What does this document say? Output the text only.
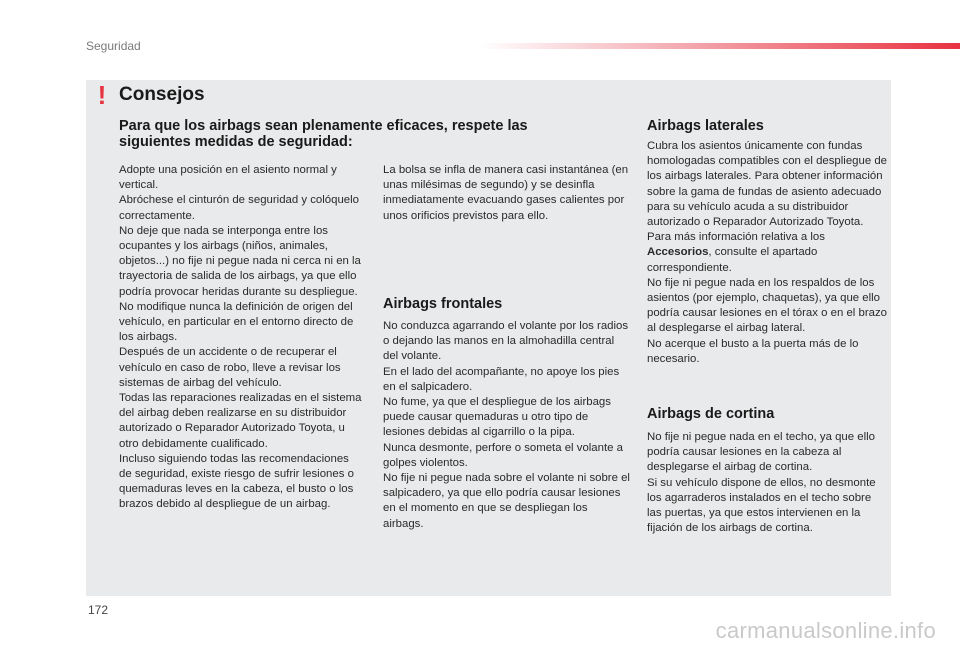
Seguridad
! Consejos
Para que los airbags sean plenamente eficaces, respete las siguientes medidas de seguridad:

Adopte una posición en el asiento normal y vertical.

Abróchese el cinturón de seguridad y colóquelo correctamente.

No deje que nada se interponga entre los ocupantes y los airbags (niños, animales, objetos...) no fije ni pegue nada ni cerca ni en la trayectoria de salida de los airbags, ya que ello podría provocar heridas durante su despliegue.

No modifique nunca la definición de origen del vehículo, en particular en el entorno directo de los airbags.

Después de un accidente o de recuperar el vehículo en caso de robo, lleve a revisar los sistemas de airbag del vehículo.

Todas las reparaciones realizadas en el sistema del airbag deben realizarse en su distribuidor autorizado o Reparador Autorizado Toyota, u otro debidamente cualificado.

Incluso siguiendo todas las recomendaciones de seguridad, existe riesgo de sufrir lesiones o quemaduras leves en la cabeza, el busto o los brazos debido al despliegue de un airbag.

La bolsa se infla de manera casi instantánea (en unas milésimas de segundo) y se desinfla inmediatamente evacuando gases calientes por unos orificios previstos para ello.

Airbags frontales

No conduzca agarrando el volante por los radios o dejando las manos en la almohadilla central del volante.

En el lado del acompañante, no apoye los pies en el salpicadero.

No fume, ya que el despliegue de los airbags puede causar quemaduras u otro tipo de lesiones debidas al cigarrillo o la pipa.

Nunca desmonte, perfore o someta el volante a golpes violentos.

No fije ni pegue nada sobre el volante ni sobre el salpicadero, ya que ello podría causar lesiones en el momento en que se despliegan los airbags.

Airbags laterales

Cubra los asientos únicamente con fundas homologadas compatibles con el despliegue de los airbags laterales. Para obtener información sobre la gama de fundas de asiento adecuado para su vehículo acuda a su distribuidor autorizado o Reparador Autorizado Toyota.

Para más información relativa a los Accesorios, consulte el apartado correspondiente.

No fije ni pegue nada en los respaldos de los asientos (por ejemplo, chaquetas), ya que ello podría causar lesiones en el tórax o en el brazo al desplegarse el airbag lateral.

No acerque el busto a la puerta más de lo necesario.

Airbags de cortina

No fije ni pegue nada en el techo, ya que ello podría causar lesiones en la cabeza al desplegarse el airbag de cortina.

Si su vehículo dispone de ellos, no desmonte los agarraderos instalados en el techo sobre las puertas, ya que estos intervienen en la fijación de los airbags de cortina.

172
carmanualsonline.info
